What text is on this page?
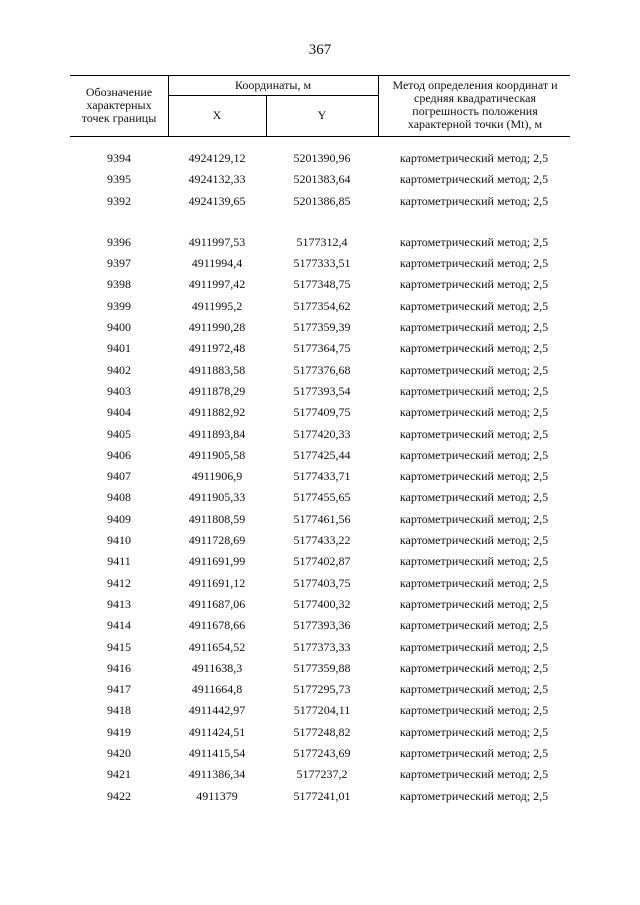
367
Обозначение характерных точек границы
Координаты, м
X	Y
Метод определения координат и средняя квадратическая погрешность положения характерной точки (Mt), м
9394	4924129,12	5201390,96	картометрический метод; 2,5
9395	4924132,33	5201383,64	картометрический метод; 2,5
9392	4924139,65	5201386,85	картометрический метод; 2,5
9396	4911997,53	5177312,4	картометрический метод; 2,5
9397	4911994,4	5177333,51	картометрический метод; 2,5
9398	4911997,42	5177348,75	картометрический метод; 2,5
9399	4911995,2	5177354,62	картометрический метод; 2,5
9400	4911990,28	5177359,39	картометрический метод; 2,5
9401	4911972,48	5177364,75	картометрический метод; 2,5
9402	4911883,58	5177376,68	картометрический метод; 2,5
9403	4911878,29	5177393,54	картометрический метод; 2,5
9404	4911882,92	5177409,75	картометрический метод; 2,5
9405	4911893,84	5177420,33	картометрический метод; 2,5
9406	4911905,58	5177425,44	картометрический метод; 2,5
9407	4911906,9	5177433,71	картометрический метод; 2,5
9408	4911905,33	5177455,65	картометрический метод; 2,5
9409	4911808,59	5177461,56	картометрический метод; 2,5
9410	4911728,69	5177433,22	картометрический метод; 2,5
9411	4911691,99	5177402,87	картометрический метод; 2,5
9412	4911691,12	5177403,75	картометрический метод; 2,5
9413	4911687,06	5177400,32	картометрический метод; 2,5
9414	4911678,66	5177393,36	картометрический метод; 2,5
9415	4911654,52	5177373,33	картометрический метод; 2,5
9416	4911638,3	5177359,88	картометрический метод; 2,5
9417	4911664,8	5177295,73	картометрический метод; 2,5
9418	4911442,97	5177204,11	картометрический метод; 2,5
9419	4911424,51	5177248,82	картометрический метод; 2,5
9420	4911415,54	5177243,69	картометрический метод; 2,5
9421	4911386,34	5177237,2	картометрический метод; 2,5
9422	4911379	5177241,01	картометрический метод; 2,5
